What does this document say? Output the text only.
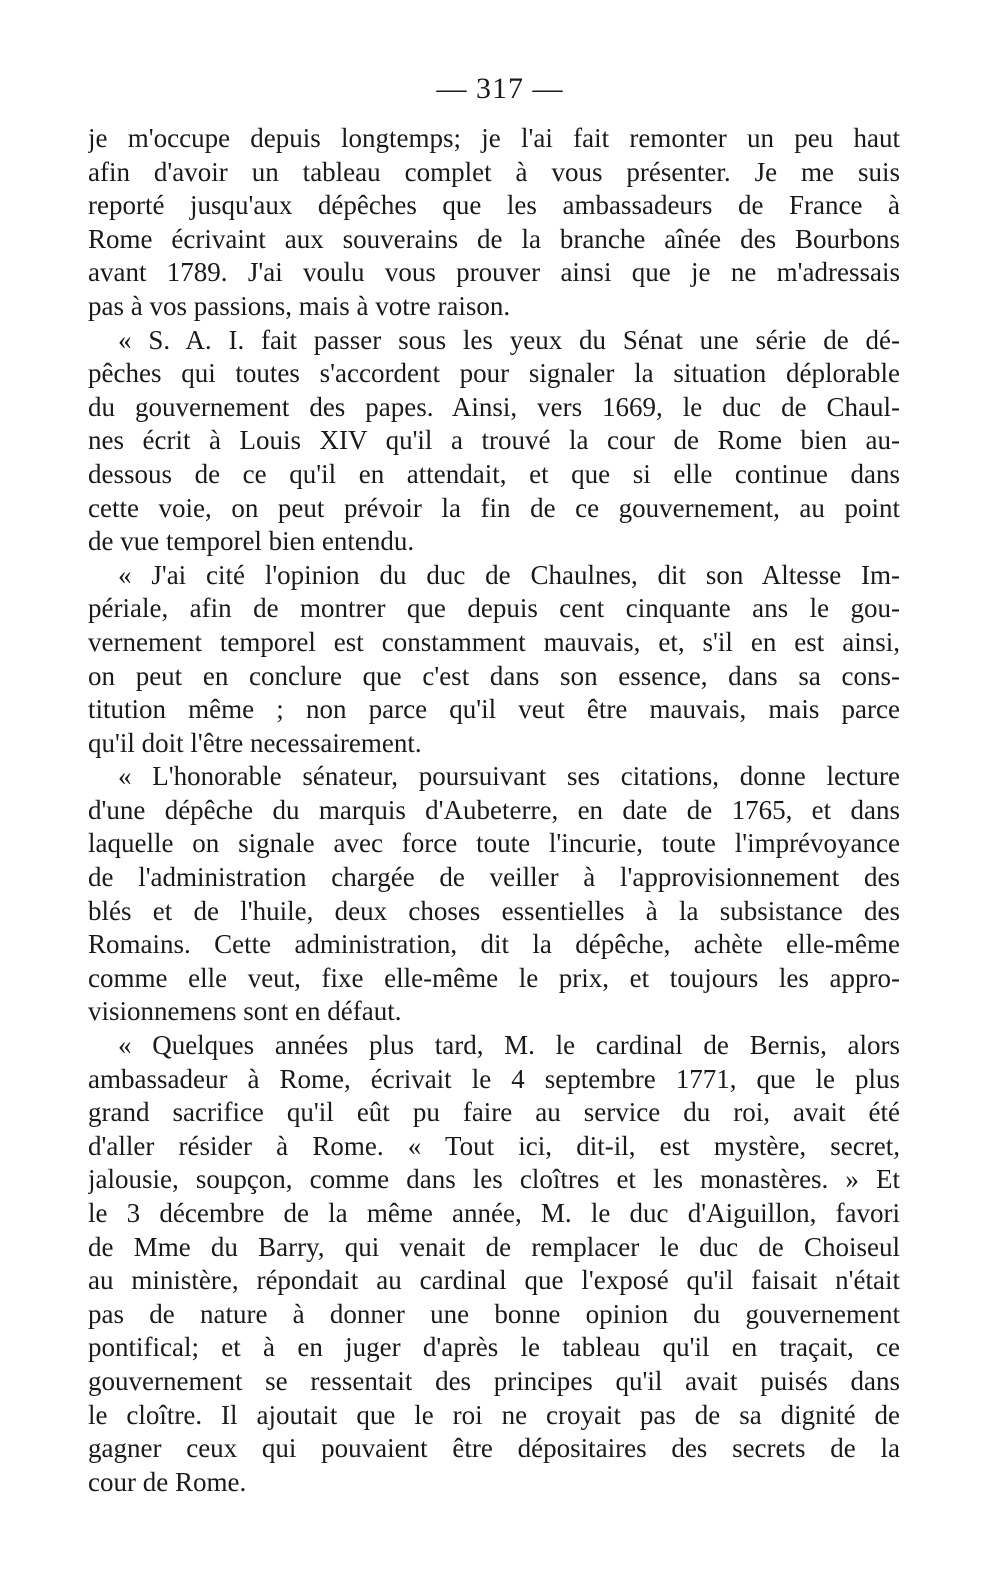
— 317 —
je m'occupe depuis longtemps; je l'ai fait remonter un peu haut
afin d'avoir un tableau complet à vous présenter. Je me suis
reporté jusqu'aux dépêches que les ambassadeurs de France à
Rome écrivaint aux souverains de la branche aînée des Bourbons
avant 1789. J'ai voulu vous prouver ainsi que je ne m'adressais
pas à vos passions, mais à votre raison.
« S. A. I. fait passer sous les yeux du Sénat une série de dé-
pêches qui toutes s'accordent pour signaler la situation déplorable
du gouvernement des papes. Ainsi, vers 1669, le duc de Chaul-
nes écrit à Louis XIV qu'il a trouvé la cour de Rome bien au-
dessous de ce qu'il en attendait, et que si elle continue dans
cette voie, on peut prévoir la fin de ce gouvernement, au point
de vue temporel bien entendu.
« J'ai cité l'opinion du duc de Chaulnes, dit son Altesse Im-
périale, afin de montrer que depuis cent cinquante ans le gou-
vernement temporel est constamment mauvais, et, s'il en est ainsi,
on peut en conclure que c'est dans son essence, dans sa cons-
titution même ; non parce qu'il veut être mauvais, mais parce
qu'il doit l'être necessairement.
« L'honorable sénateur, poursuivant ses citations, donne lecture
d'une dépêche du marquis d'Aubeterre, en date de 1765, et dans
laquelle on signale avec force toute l'incurie, toute l'imprévoyance
de l'administration chargée de veiller à l'approvisionnement des
blés et de l'huile, deux choses essentielles à la subsistance des
Romains. Cette administration, dit la dépêche, achète elle-même
comme elle veut, fixe elle-même le prix, et toujours les appro-
visionnemens sont en défaut.
« Quelques années plus tard, M. le cardinal de Bernis, alors
ambassadeur à Rome, écrivait le 4 septembre 1771, que le plus
grand sacrifice qu'il eût pu faire au service du roi, avait été
d'aller résider à Rome. « Tout ici, dit-il, est mystère, secret,
jalousie, soupçon, comme dans les cloîtres et les monastères. » Et
le 3 décembre de la même année, M. le duc d'Aiguillon, favori
de Mme du Barry, qui venait de remplacer le duc de Choiseul
au ministère, répondait au cardinal que l'exposé qu'il faisait n'était
pas de nature à donner une bonne opinion du gouvernement
pontifical; et à en juger d'après le tableau qu'il en traçait, ce
gouvernement se ressentait des principes qu'il avait puisés dans
le cloître. Il ajoutait que le roi ne croyait pas de sa dignité de
gagner ceux qui pouvaient être dépositaires des secrets de la
cour de Rome.
